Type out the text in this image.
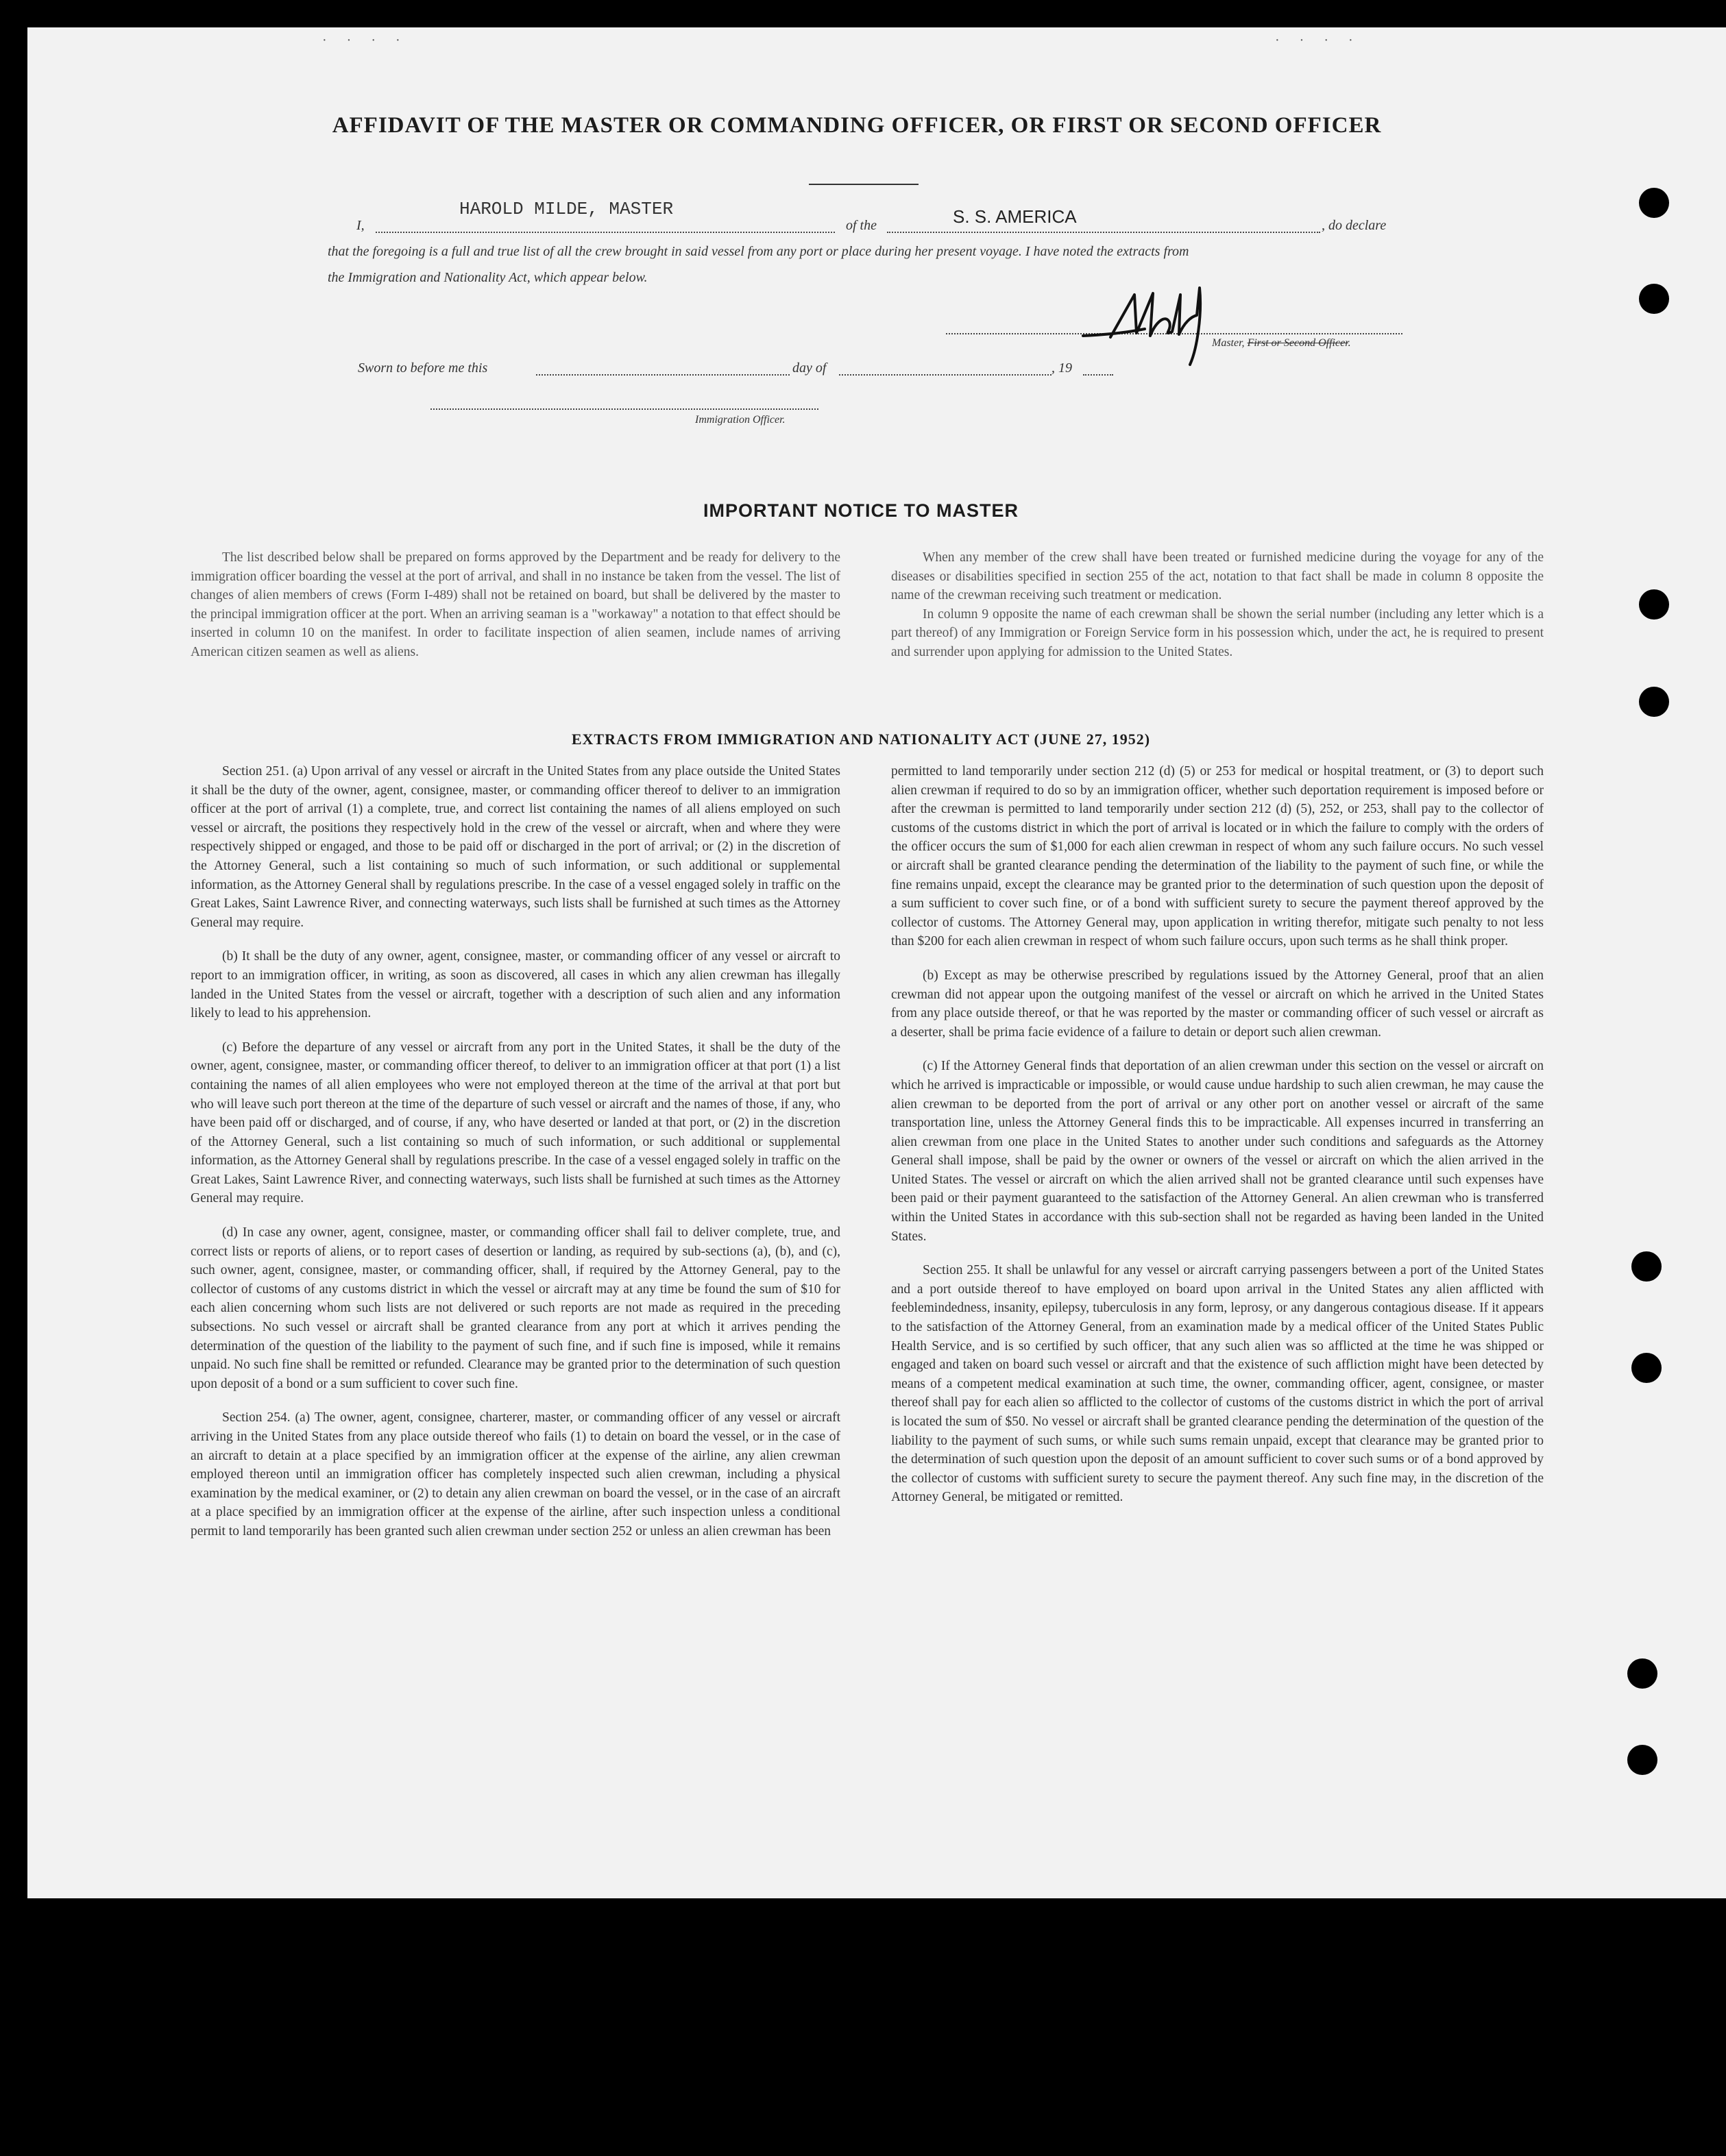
· · · ·	· · · ·
AFFIDAVIT OF THE MASTER OR COMMANDING OFFICER, OR FIRST OR SECOND OFFICER
I,
HAROLD MILDE, MASTER
of the	S. S. AMERICA	, do declare
that the foregoing is a full and true list of all the crew brought in said vessel from any port or place during her present voyage. I have noted the extracts from
the Immigration and Nationality Act, which appear below.
Master, First or Second Officer.
Sworn to before me this	day of	, 19
Immigration Officer.
IMPORTANT NOTICE TO MASTER

The list described below shall be prepared on forms approved by the Department and be ready for delivery to the immigration officer boarding the vessel at the port of arrival, and shall in no instance be taken from the vessel. The list of changes of alien members of crews (Form I-489) shall not be retained on board, but shall be delivered by the master to the principal immigration officer at the port. When an arriving seaman is a "workaway" a notation to that effect should be inserted in column 10 on the manifest. In order to facilitate inspection of alien seamen, include names of arriving American citizen seamen as well as aliens.

When any member of the crew shall have been treated or furnished medicine during the voyage for any of the diseases or disabilities specified in section 255 of the act, notation to that fact shall be made in column 8 opposite the name of the crewman receiving such treatment or medication.

In column 9 opposite the name of each crewman shall be shown the serial number (including any letter which is a part thereof) of any Immigration or Foreign Service form in his possession which, under the act, he is required to present and surrender upon applying for admission to the United States.

EXTRACTS FROM IMMIGRATION AND NATIONALITY ACT (JUNE 27, 1952)

Section 251. (a) Upon arrival of any vessel or aircraft in the United States from any place outside the United States it shall be the duty of the owner, agent, consignee, master, or commanding officer thereof to deliver to an immigration officer at the port of arrival (1) a complete, true, and correct list containing the names of all aliens employed on such vessel or aircraft, the positions they respectively hold in the crew of the vessel or aircraft, when and where they were respectively shipped or engaged, and those to be paid off or discharged in the port of arrival; or (2) in the discretion of the Attorney General, such a list containing so much of such information, or such additional or supplemental information, as the Attorney General shall by regulations prescribe. In the case of a vessel engaged solely in traffic on the Great Lakes, Saint Lawrence River, and connecting waterways, such lists shall be furnished at such times as the Attorney General may require.

(b) It shall be the duty of any owner, agent, consignee, master, or commanding officer of any vessel or aircraft to report to an immigration officer, in writing, as soon as discovered, all cases in which any alien crewman has illegally landed in the United States from the vessel or aircraft, together with a description of such alien and any information likely to lead to his apprehension.

(c) Before the departure of any vessel or aircraft from any port in the United States, it shall be the duty of the owner, agent, consignee, master, or commanding officer thereof, to deliver to an immigration officer at that port (1) a list containing the names of all alien employees who were not employed thereon at the time of the arrival at that port but who will leave such port thereon at the time of the departure of such vessel or aircraft and the names of those, if any, who have been paid off or discharged, and of course, if any, who have deserted or landed at that port, or (2) in the discretion of the Attorney General, such a list containing so much of such information, or such additional or supplemental information, as the Attorney General shall by regulations prescribe. In the case of a vessel engaged solely in traffic on the Great Lakes, Saint Lawrence River, and connecting waterways, such lists shall be furnished at such times as the Attorney General may require.

(d) In case any owner, agent, consignee, master, or commanding officer shall fail to deliver complete, true, and correct lists or reports of aliens, or to report cases of desertion or landing, as required by sub-sections (a), (b), and (c), such owner, agent, consignee, master, or commanding officer, shall, if required by the Attorney General, pay to the collector of customs of any customs district in which the vessel or aircraft may at any time be found the sum of $10 for each alien concerning whom such lists are not delivered or such reports are not made as required in the preceding subsections. No such vessel or aircraft shall be granted clearance from any port at which it arrives pending the determination of the question of the liability to the payment of such fine, and if such fine is imposed, while it remains unpaid. No such fine shall be remitted or refunded. Clearance may be granted prior to the determination of such question upon deposit of a bond or a sum sufficient to cover such fine.

Section 254. (a) The owner, agent, consignee, charterer, master, or commanding officer of any vessel or aircraft arriving in the United States from any place outside thereof who fails (1) to detain on board the vessel, or in the case of an aircraft to detain at a place specified by an immigration officer at the expense of the airline, any alien crewman employed thereon until an immigration officer has completely inspected such alien crewman, including a physical examination by the medical examiner, or (2) to detain any alien crewman on board the vessel, or in the case of an aircraft at a place specified by an immigration officer at the expense of the airline, after such inspection unless a conditional permit to land temporarily has been granted such alien crewman under section 252 or unless an alien crewman has been

permitted to land temporarily under section 212 (d) (5) or 253 for medical or hospital treatment, or (3) to deport such alien crewman if required to do so by an immigration officer, whether such deportation requirement is imposed before or after the crewman is permitted to land temporarily under section 212 (d) (5), 252, or 253, shall pay to the collector of customs of the customs district in which the port of arrival is located or in which the failure to comply with the orders of the officer occurs the sum of $1,000 for each alien crewman in respect of whom any such failure occurs. No such vessel or aircraft shall be granted clearance pending the determination of the liability to the payment of such fine, or while the fine remains unpaid, except the clearance may be granted prior to the determination of such question upon the deposit of a sum sufficient to cover such fine, or of a bond with sufficient surety to secure the payment thereof approved by the collector of customs. The Attorney General may, upon application in writing therefor, mitigate such penalty to not less than $200 for each alien crewman in respect of whom such failure occurs, upon such terms as he shall think proper.

(b) Except as may be otherwise prescribed by regulations issued by the Attorney General, proof that an alien crewman did not appear upon the outgoing manifest of the vessel or aircraft on which he arrived in the United States from any place outside thereof, or that he was reported by the master or commanding officer of such vessel or aircraft as a deserter, shall be prima facie evidence of a failure to detain or deport such alien crewman.

(c) If the Attorney General finds that deportation of an alien crewman under this section on the vessel or aircraft on which he arrived is impracticable or impossible, or would cause undue hardship to such alien crewman, he may cause the alien crewman to be deported from the port of arrival or any other port on another vessel or aircraft of the same transportation line, unless the Attorney General finds this to be impracticable. All expenses incurred in transferring an alien crewman from one place in the United States to another under such conditions and safeguards as the Attorney General shall impose, shall be paid by the owner or owners of the vessel or aircraft on which the alien arrived in the United States. The vessel or aircraft on which the alien arrived shall not be granted clearance until such expenses have been paid or their payment guaranteed to the satisfaction of the Attorney General. An alien crewman who is transferred within the United States in accordance with this sub-section shall not be regarded as having been landed in the United States.

Section 255. It shall be unlawful for any vessel or aircraft carrying passengers between a port of the United States and a port outside thereof to have employed on board upon arrival in the United States any alien afflicted with feeblemindedness, insanity, epilepsy, tuberculosis in any form, leprosy, or any dangerous contagious disease. If it appears to the satisfaction of the Attorney General, from an examination made by a medical officer of the United States Public Health Service, and is so certified by such officer, that any such alien was so afflicted at the time he was shipped or engaged and taken on board such vessel or aircraft and that the existence of such affliction might have been detected by means of a competent medical examination at such time, the owner, commanding officer, agent, consignee, or master thereof shall pay for each alien so afflicted to the collector of customs of the customs district in which the port of arrival is located the sum of $50. No vessel or aircraft shall be granted clearance pending the determination of the question of the liability to the payment of such sums, or while such sums remain unpaid, except that clearance may be granted prior to the determination of such question upon the deposit of an amount sufficient to cover such sums or of a bond approved by the collector of customs with sufficient surety to secure the payment thereof. Any such fine may, in the discretion of the Attorney General, be mitigated or remitted.
